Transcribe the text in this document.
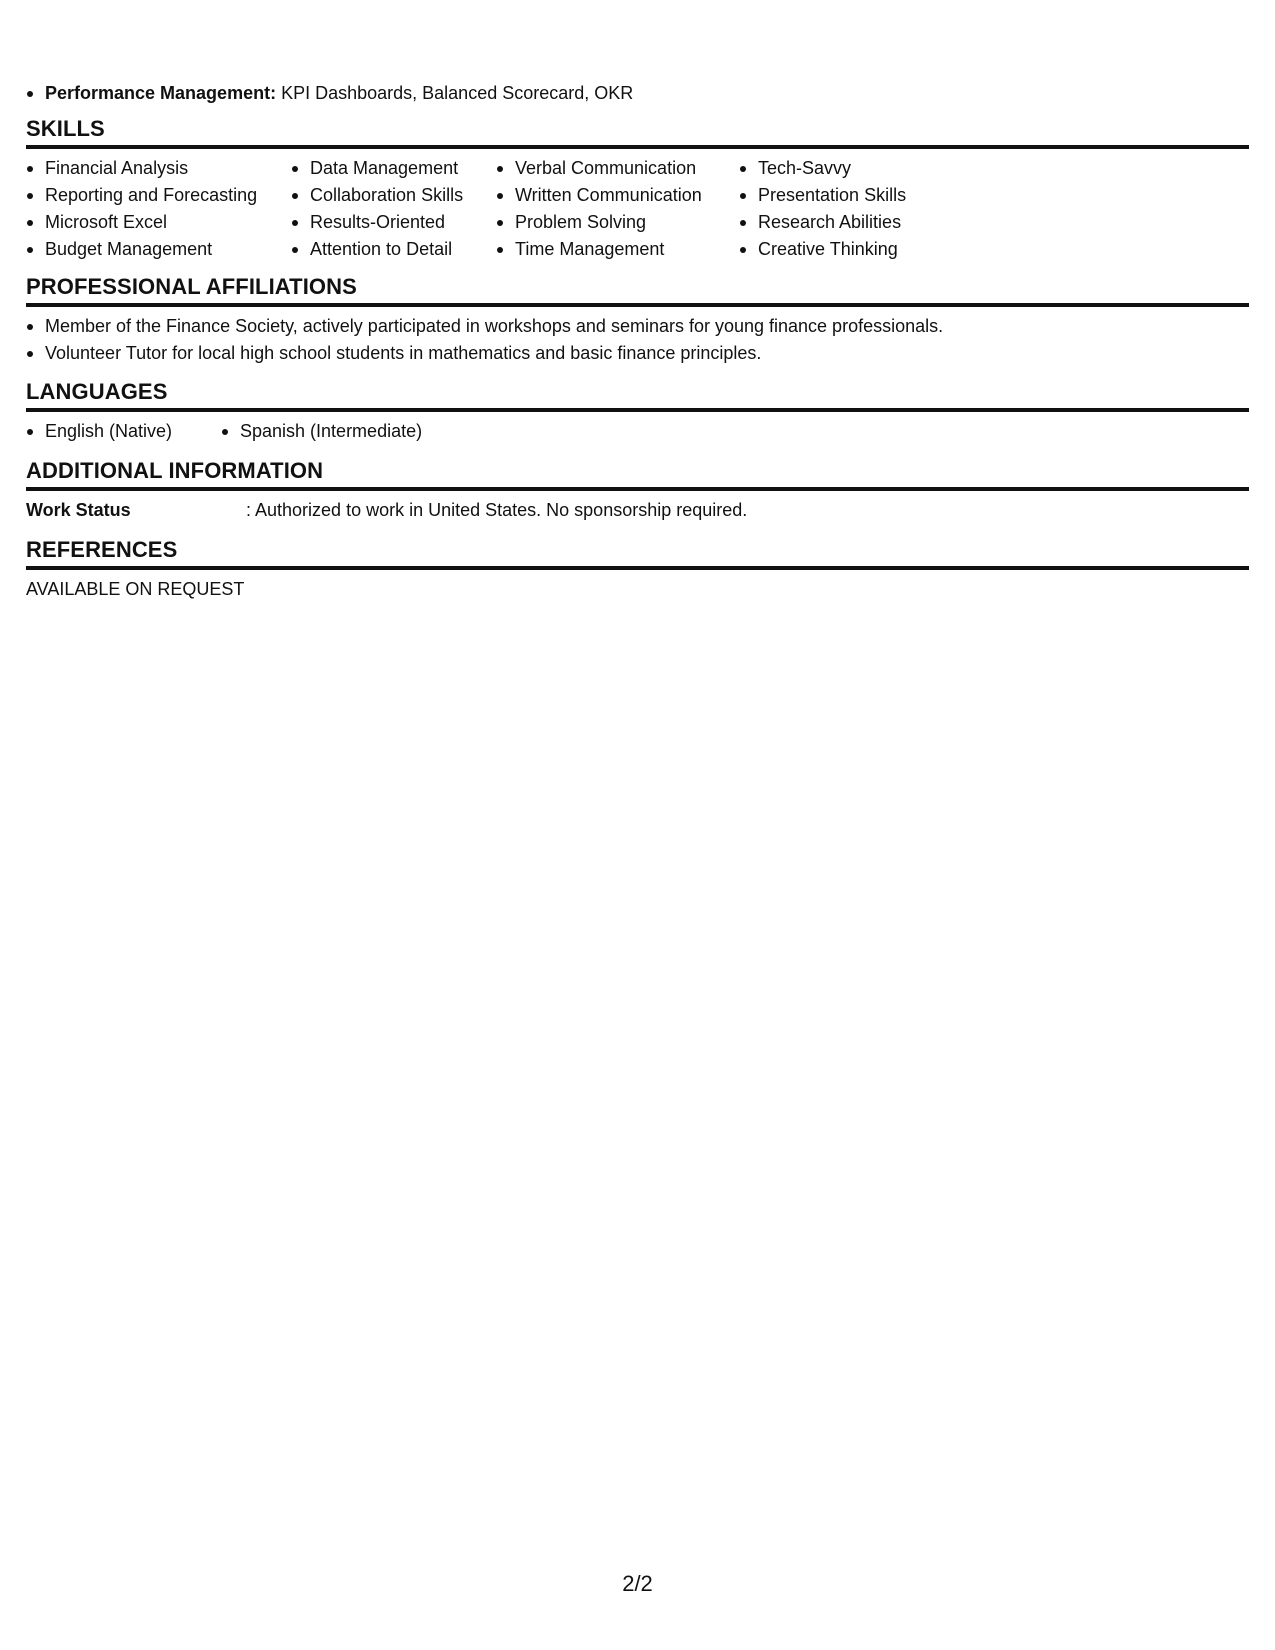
Performance Management: KPI Dashboards, Balanced Scorecard, OKR
SKILLS
Financial Analysis
Reporting and Forecasting
Microsoft Excel
Budget Management
Data Management
Collaboration Skills
Results-Oriented
Attention to Detail
Verbal Communication
Written Communication
Problem Solving
Time Management
Tech-Savvy
Presentation Skills
Research Abilities
Creative Thinking
PROFESSIONAL AFFILIATIONS
Member of the Finance Society, actively participated in workshops and seminars for young finance professionals.
Volunteer Tutor for local high school students in mathematics and basic finance principles.
LANGUAGES
English (Native)	Spanish (Intermediate)
ADDITIONAL INFORMATION
Work Status	: Authorized to work in United States. No sponsorship required.
REFERENCES
AVAILABLE ON REQUEST
2/2
